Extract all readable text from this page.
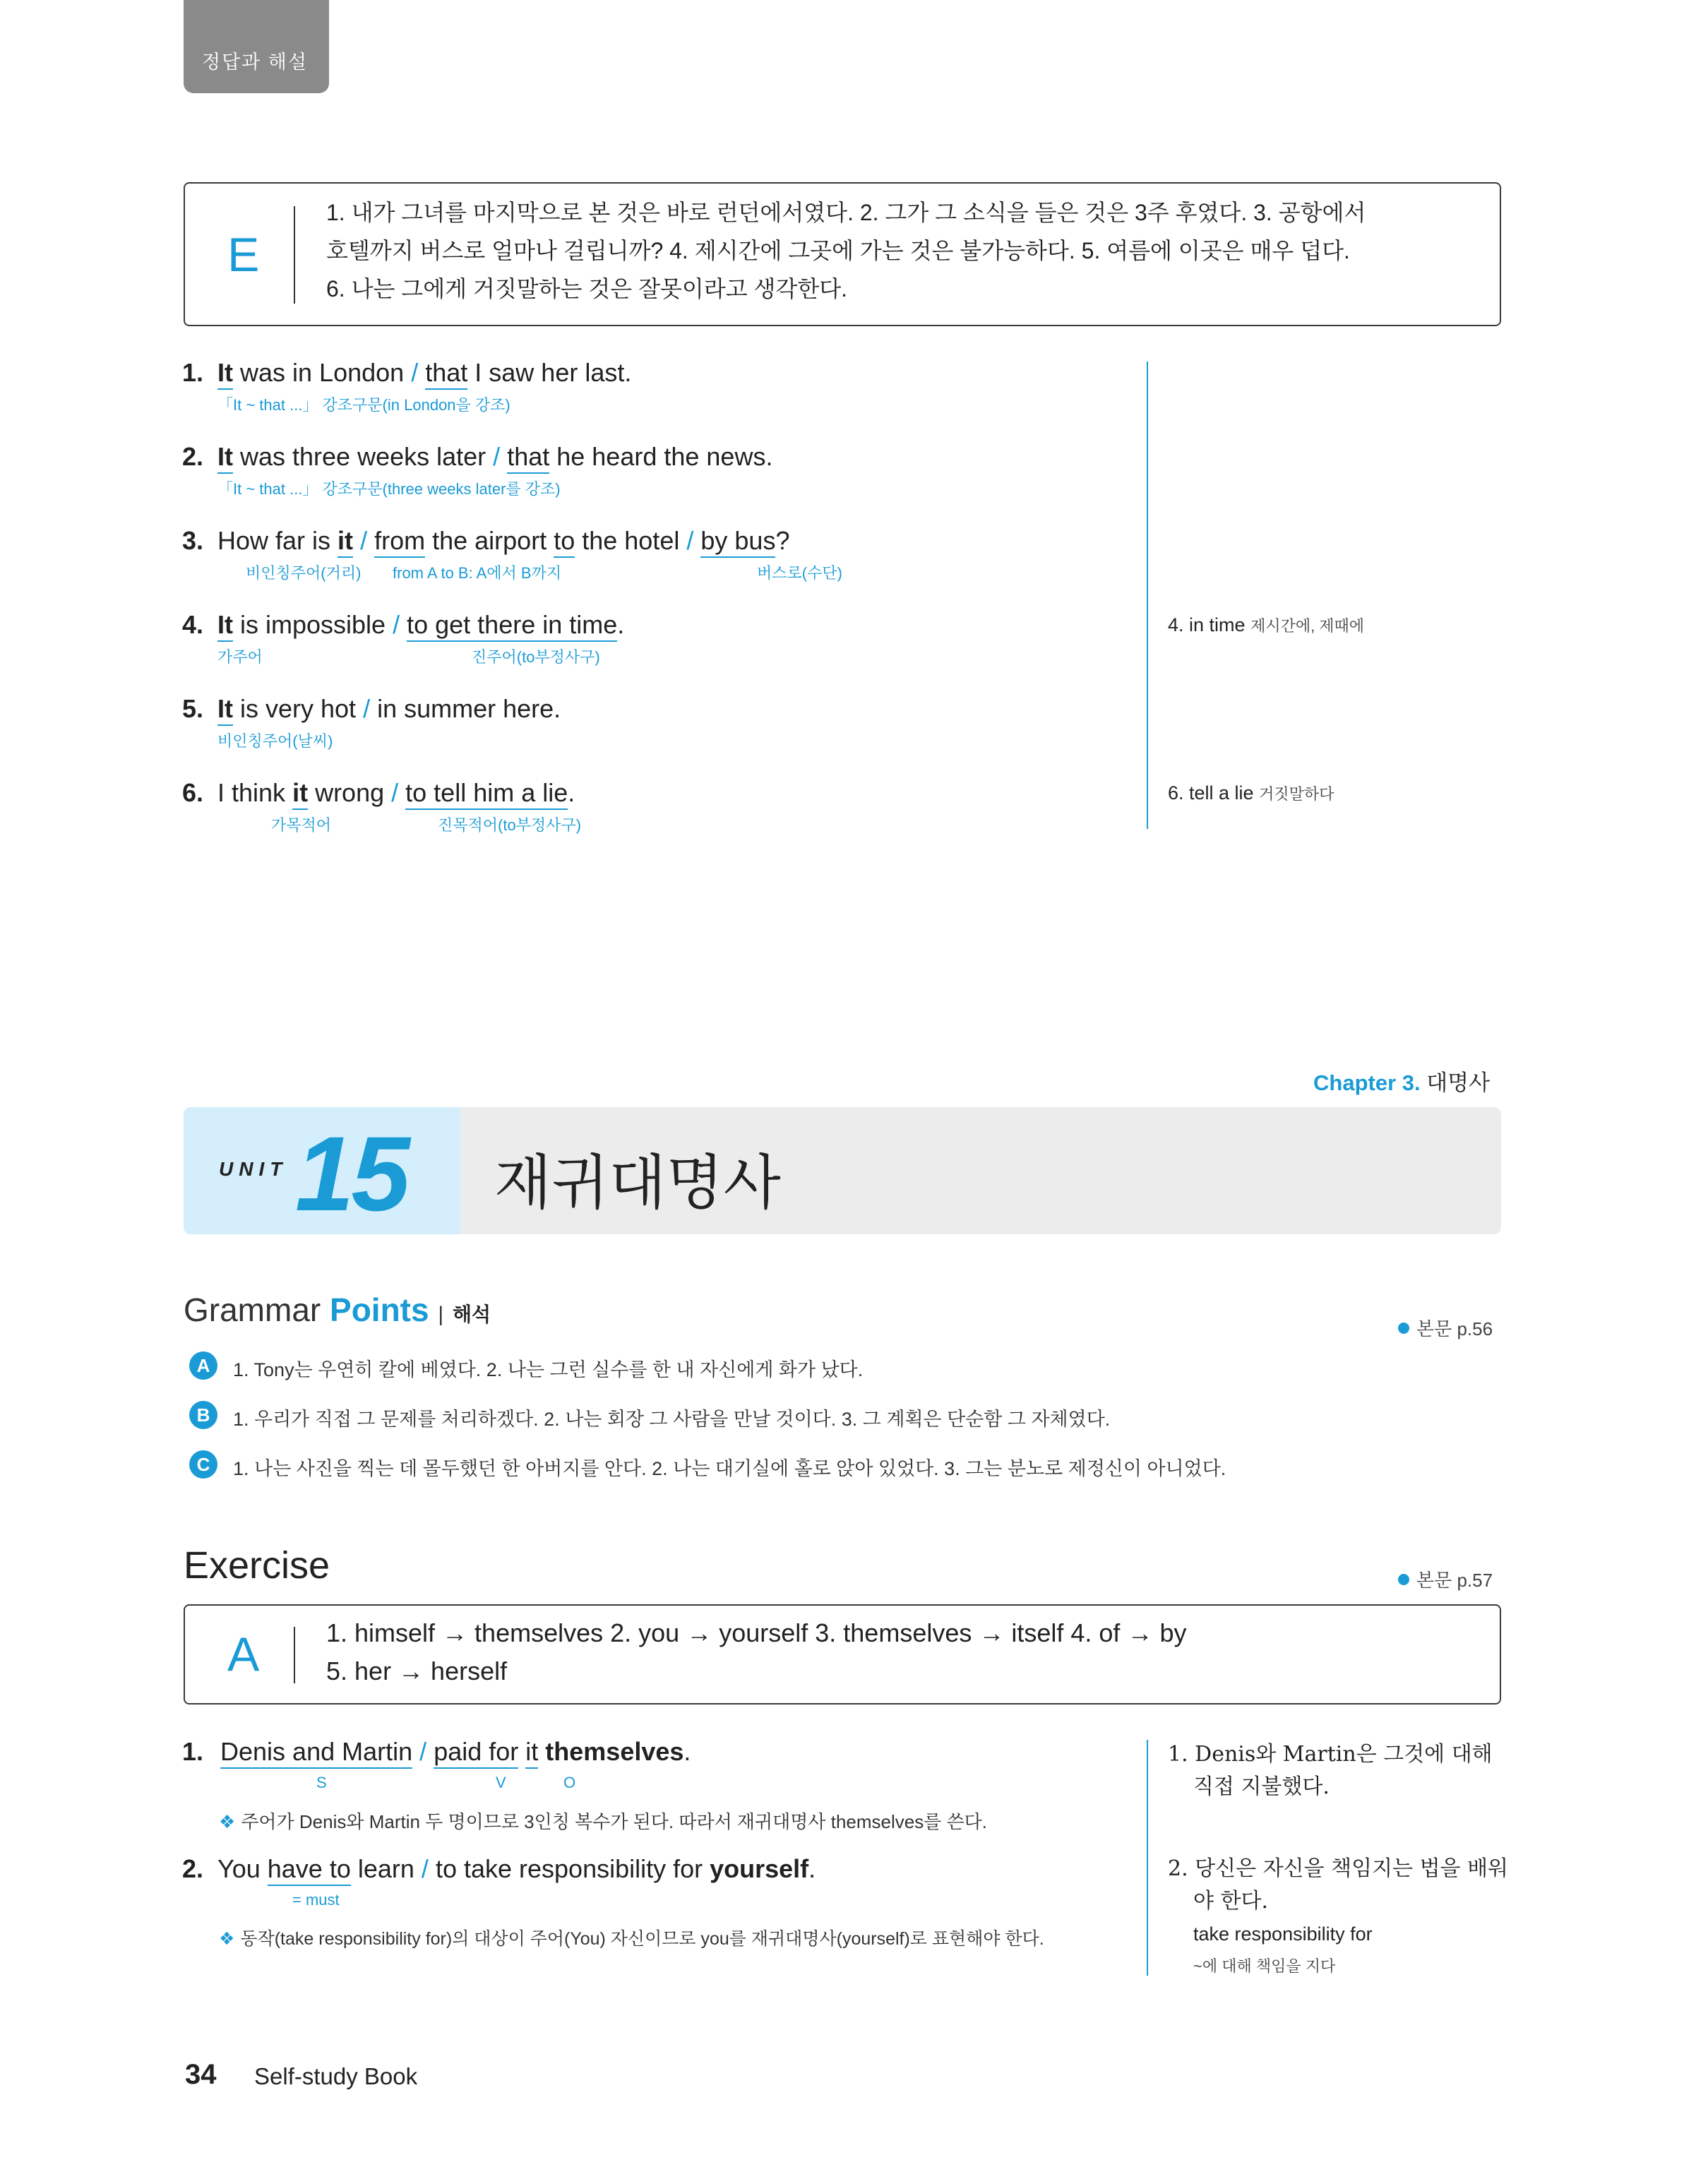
정답과 해설
E
1. 내가 그녀를 마지막으로 본 것은 바로 런던에서였다. 2. 그가 그 소식을 들은 것은 3주 후였다. 3. 공항에서
호텔까지 버스로 얼마나 걸립니까? 4. 제시간에 그곳에 가는 것은 불가능하다. 5. 여름에 이곳은 매우 덥다.
6. 나는 그에게 거짓말하는 것은 잘못이라고 생각한다.
1. It was in London / that I saw her last.
「It ~ that ...」 강조구문(in London을 강조)
2. It was three weeks later / that he heard the news.
「It ~ that ...」 강조구문(three weeks later를 강조)
3. How far is it / from the airport to the hotel / by bus?
비인칭주어(거리) from A to B: A에서 B까지	버스로(수단)
4. It is impossible / to get there in time.
가주어	진주어(to부정사구)
5. It is very hot / in summer here.
비인칭주어(날씨)
6. I think it wrong / to tell him a lie.
가목적어	진목적어(to부정사구)
4. in time 제시간에, 제때에
6. tell a lie 거짓말하다
Chapter 3. 대명사
UNIT 15 재귀대명사
Grammar Points | 해석
본문 p.56
A	1. Tony는 우연히 칼에 베였다. 2. 나는 그런 실수를 한 내 자신에게 화가 났다.
B	1. 우리가 직접 그 문제를 처리하겠다. 2. 나는 회장 그 사람을 만날 것이다. 3. 그 계획은 단순함 그 자체였다.
C	1. 나는 사진을 찍는 데 몰두했던 한 아버지를 안다. 2. 나는 대기실에 홀로 앉아 있었다. 3. 그는 분노로 제정신이 아니었다.
Exercise	본문 p.57
A	1. himself → themselves 2. you → yourself 3. themselves → itself 4. of → by
5. her → herself
1. Denis and Martin / paid for it themselves.
S	V	O
❖ 주어가 Denis와 Martin 두 명이므로 3인칭 복수가 된다. 따라서 재귀대명사 themselves를 쓴다.
2. You have to learn / to take responsibility for yourself.
= must
❖ 동작(take responsibility for)의 대상이 주어(You) 자신이므로 you를 재귀대명사(yourself)로 표현해야 한다.
1. Denis와 Martin은 그것에 대해
직접 지불했다.
2. 당신은 자신을 책임지는 법을 배워
야 한다.
take responsibility for
~에 대해 책임을 지다
34 Self-study Book
